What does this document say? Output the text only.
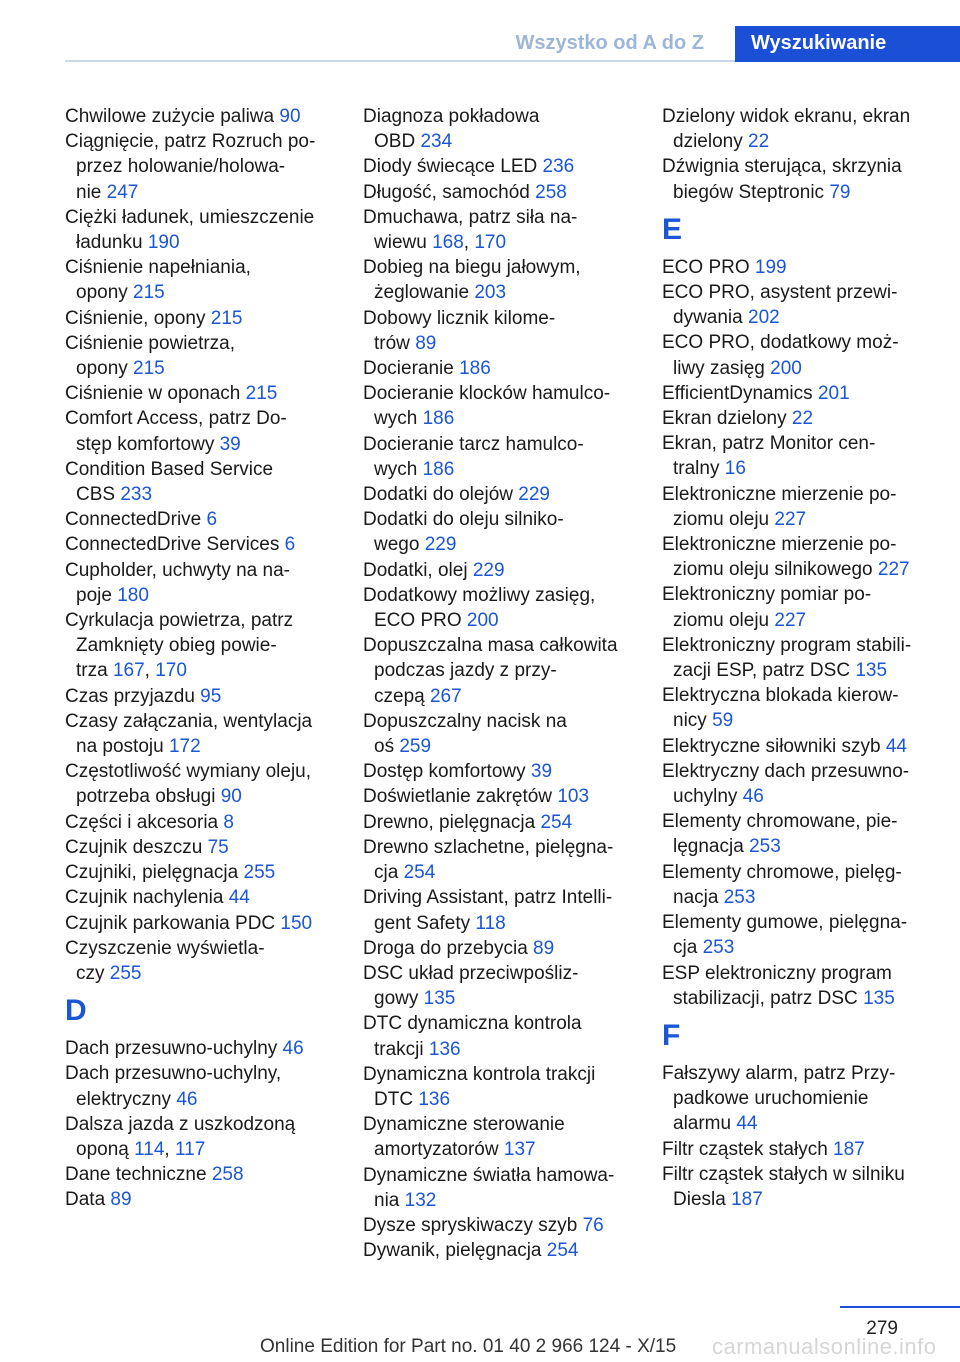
Wszystko od A do Z	Wyszukiwanie
Chwilowe zużycie paliwa 90
Ciągnięcie, patrz Rozruch po-
przez holowanie/holowa-
nie 247
Ciężki ładunek, umieszczenie
ładunku 190
Ciśnienie napełniania,
opony 215
Ciśnienie, opony 215
Ciśnienie powietrza,
opony 215
Ciśnienie w oponach 215
Comfort Access, patrz Do-
stęp komfortowy 39
Condition Based Service
CBS 233
ConnectedDrive 6
ConnectedDrive Services 6
Cupholder, uchwyty na na-
poje 180
Cyrkulacja powietrza, patrz
Zamknięty obieg powie-
trza 167, 170
Czas przyjazdu 95
Czasy załączania, wentylacja
na postoju 172
Częstotliwość wymiany oleju,
potrzeba obsługi 90
Części i akcesoria 8
Czujnik deszczu 75
Czujniki, pielęgnacja 255
Czujnik nachylenia 44
Czujnik parkowania PDC 150
Czyszczenie wyświetla-
czy 255
D
Dach przesuwno-uchylny 46
Dach przesuwno-uchylny,
elektryczny 46
Dalsza jazda z uszkodzoną
oponą 114, 117
Dane techniczne 258
Data 89
Diagnoza pokładowa
OBD 234
Diody świecące LED 236
Długość, samochód 258
Dmuchawa, patrz siła na-
wiewu 168, 170
Dobieg na biegu jałowym,
żeglowanie 203
Dobowy licznik kilome-
trów 89
Docieranie 186
Docieranie klocków hamulco-
wych 186
Docieranie tarcz hamulco-
wych 186
Dodatki do olejów 229
Dodatki do oleju silniko-
wego 229
Dodatki, olej 229
Dodatkowy możliwy zasięg,
ECO PRO 200
Dopuszczalna masa całkowita
podczas jazdy z przy-
czepą 267
Dopuszczalny nacisk na
oś 259
Dostęp komfortowy 39
Doświetlanie zakrętów 103
Drewno, pielęgnacja 254
Drewno szlachetne, pielęgna-
cja 254
Driving Assistant, patrz Intelli-
gent Safety 118
Droga do przebycia 89
DSC układ przeciwpośliz-
gowy 135
DTC dynamiczna kontrola
trakcji 136
Dynamiczna kontrola trakcji
DTC 136
Dynamiczne sterowanie
amortyzatorów 137
Dynamiczne światła hamowa-
nia 132
Dysze spryskiwaczy szyb 76
Dywanik, pielęgnacja 254
Dzielony widok ekranu, ekran
dzielony 22
Dźwignia sterująca, skrzynia
biegów Steptronic 79
E
ECO PRO 199
ECO PRO, asystent przewi-
dywania 202
ECO PRO, dodatkowy moż-
liwy zasięg 200
EfficientDynamics 201
Ekran dzielony 22
Ekran, patrz Monitor cen-
tralny 16
Elektroniczne mierzenie po-
ziomu oleju 227
Elektroniczne mierzenie po-
ziomu oleju silnikowego 227
Elektroniczny pomiar po-
ziomu oleju 227
Elektroniczny program stabili-
zacji ESP, patrz DSC 135
Elektryczna blokada kierow-
nicy 59
Elektryczne siłowniki szyb 44
Elektryczny dach przesuwno-
uchylny 46
Elementy chromowane, pie-
lęgnacja 253
Elementy chromowe, pielęg-
nacja 253
Elementy gumowe, pielęgna-
cja 253
ESP elektroniczny program
stabilizacji, patrz DSC 135
F
Fałszywy alarm, patrz Przy-
padkowe uruchomienie
alarmu 44
Filtr cząstek stałych 187
Filtr cząstek stałych w silniku
Diesla 187
279
Online Edition for Part no. 01 40 2 966 124 - X/15 carmanualsonline.info
